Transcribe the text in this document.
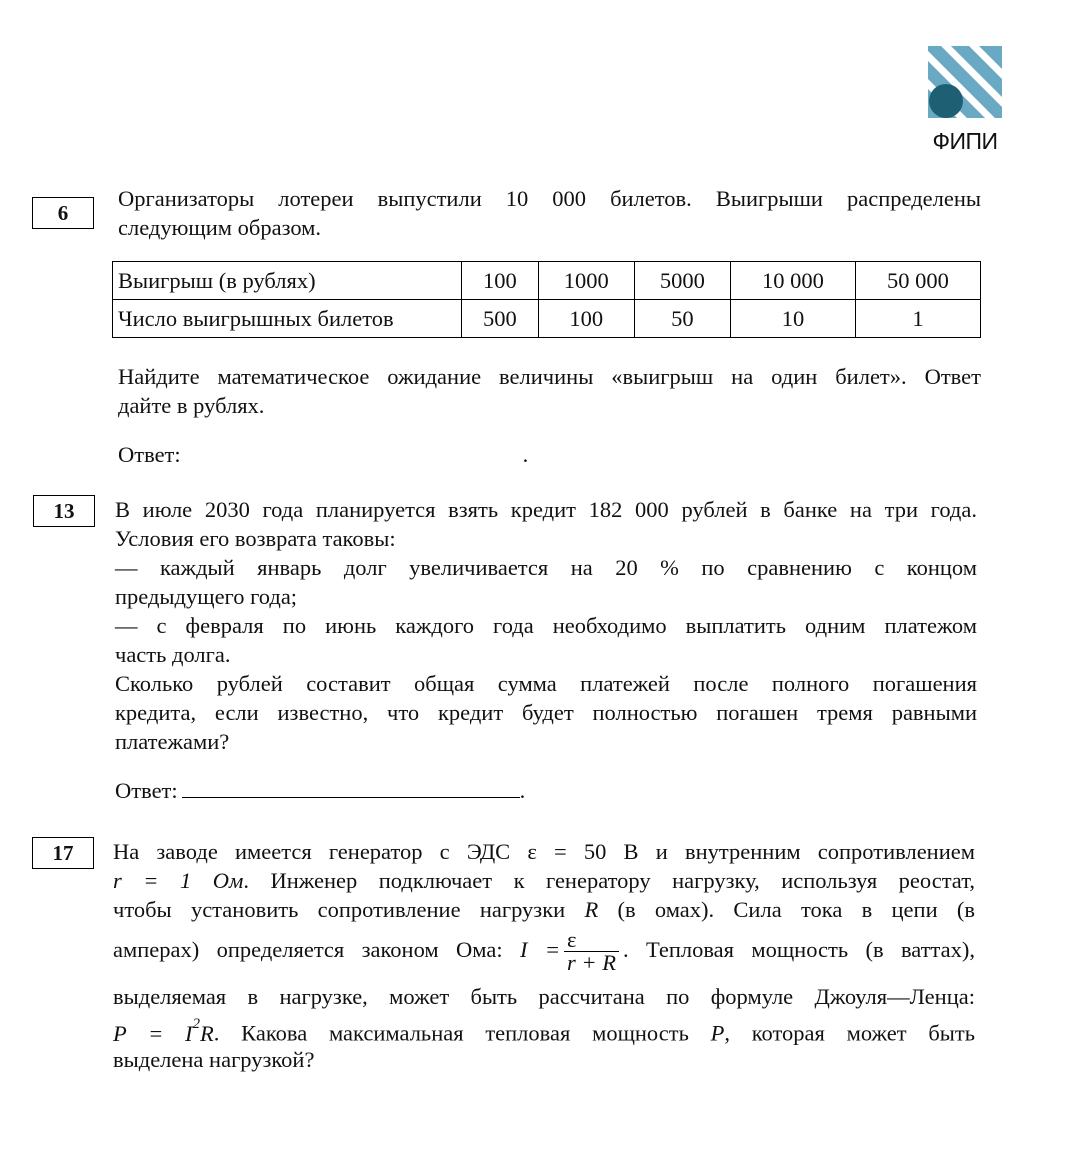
ФИПИ
6
Организаторы лотереи выпустили 10 000 билетов. Выигрыши распределены
следующим образом.
Выигрыш (в рублях)	100	1000	5000	10 000	50 000
Число выигрышных билетов	500	100	50	10	1
Найдите математическое ожидание величины «выигрыш на один билет». Ответ
дайте в рублях.
Ответ:	.
13	В июле 2030 года планируется взять кредит 182 000 рублей в банке на три года.
Условия его возврата таковы:
— каждый январь долг увеличивается на 20 % по сравнению с концом
предыдущего года;
— с февраля по июнь каждого года необходимо выплатить одним платежом
часть долга.
Сколько рублей составит общая сумма платежей после полного погашения
кредита, если известно, что кредит будет полностью погашен тремя равными
платежами?
Ответ:	.
17	На заводе имеется генератор с ЭДС ε = 50 В и внутренним сопротивлением
r = 1 Ом. Инженер подключает к генератору нагрузку, используя реостат,
чтобы установить сопротивление нагрузки R (в омах). Сила тока в цепи (в
амперах) определяется законом Ома: $I = \frac{\varepsilon}{r + R}$ . Тепловая мощность (в ваттах),
выделяемая в нагрузке, может быть рассчитана по формуле Джоуля—Ленца:
$P = I^2R$. Какова максимальная тепловая мощность P, которая может быть
выделена нагрузкой?
